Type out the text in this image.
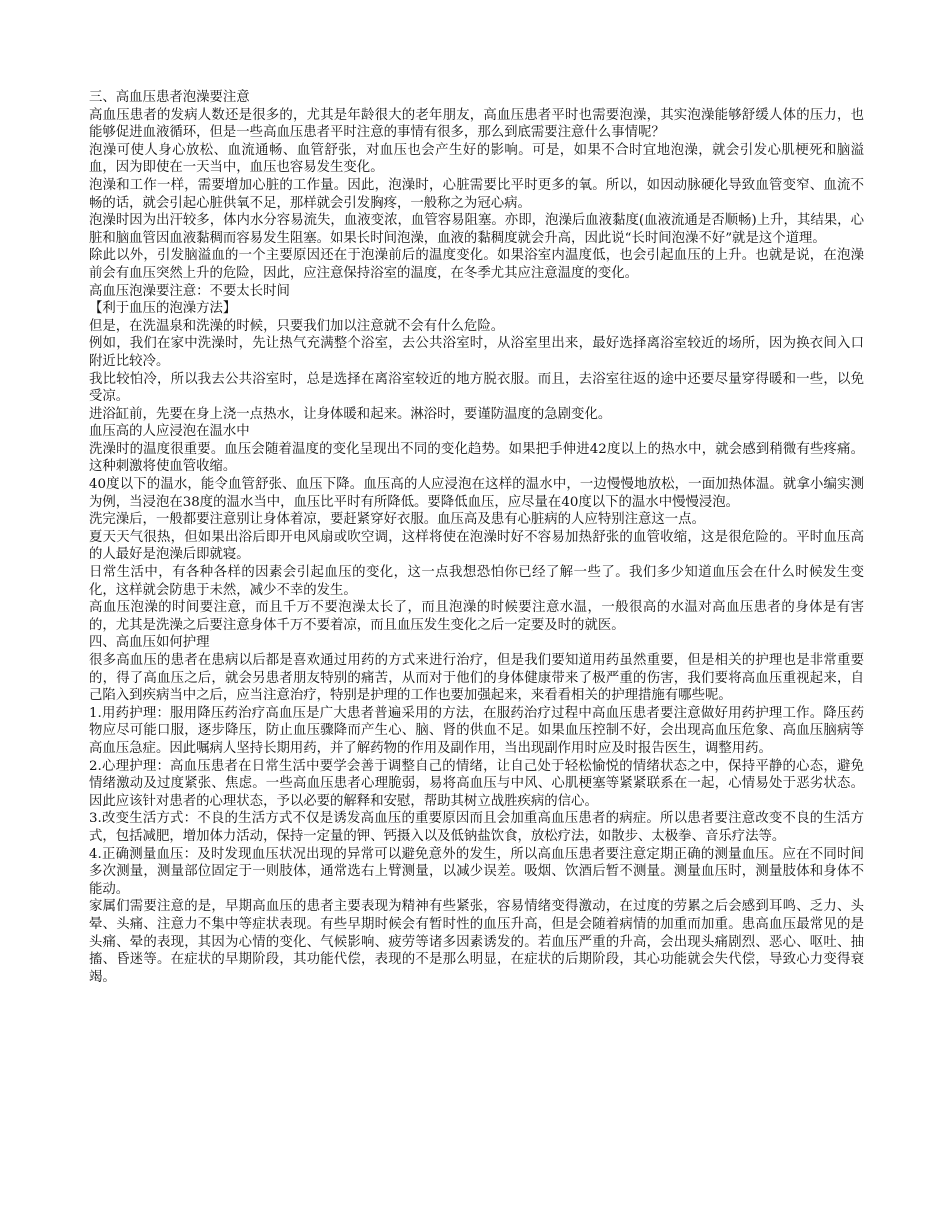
三、高血压患者泡澡要注意

高血压患者的发病人数还是很多的，尤其是年龄很大的老年朋友，高血压患者平时也需要泡澡，其实泡澡能够舒缓人体的压力，也能够促进血液循环，但是一些高血压患者平时注意的事情有很多，那么到底需要注意什么事情呢？

泡澡可使人身心放松、血流通畅、血管舒张，对血压也会产生好的影响。可是，如果不合时宜地泡澡，就会引发心肌梗死和脑溢血，因为即使在一天当中，血压也容易发生变化。

泡澡和工作一样，需要增加心脏的工作量。因此，泡澡时，心脏需要比平时更多的氧。所以，如因动脉硬化导致血管变窄、血流不畅的话，就会引起心脏供氧不足，那样就会引发胸疼，一般称之为冠心病。

泡澡时因为出汗较多，体内水分容易流失，血液变浓，血管容易阻塞。亦即，泡澡后血液黏度(血液流通是否顺畅)上升，其结果，心脏和脑血管因血液黏稠而容易发生阻塞。如果长时间泡澡，血液的黏稠度就会升高，因此说“长时间泡澡不好”就是这个道理。

除此以外，引发脑溢血的一个主要原因还在于泡澡前后的温度变化。如果浴室内温度低，也会引起血压的上升。也就是说，在泡澡前会有血压突然上升的危险，因此，应注意保持浴室的温度，在冬季尤其应注意温度的变化。

高血压泡澡要注意：不要太长时间

【利于血压的泡澡方法】

但是，在洗温泉和洗澡的时候，只要我们加以注意就不会有什么危险。

例如，我们在家中洗澡时，先让热气充满整个浴室，去公共浴室时，从浴室里出来，最好选择离浴室较近的场所，因为换衣间入口附近比较冷。

我比较怕冷，所以我去公共浴室时，总是选择在离浴室较近的地方脱衣服。而且，去浴室往返的途中还要尽量穿得暖和一些，以免受凉。

进浴缸前，先要在身上浇一点热水，让身体暖和起来。淋浴时，要谨防温度的急剧变化。

血压高的人应浸泡在温水中

洗澡时的温度很重要。血压会随着温度的变化呈现出不同的变化趋势。如果把手伸进42度以上的热水中，就会感到稍微有些疼痛。这种刺激将使血管收缩。

40度以下的温水，能令血管舒张、血压下降。血压高的人应浸泡在这样的温水中，一边慢慢地放松，一面加热体温。就拿小编实测为例，当浸泡在38度的温水当中，血压比平时有所降低。要降低血压，应尽量在40度以下的温水中慢慢浸泡。

洗完澡后，一般都要注意别让身体着凉，要赶紧穿好衣服。血压高及患有心脏病的人应特别注意这一点。

夏天天气很热，但如果出浴后即开电风扇或吹空调，这样将使在泡澡时好不容易加热舒张的血管收缩，这是很危险的。平时血压高的人最好是泡澡后即就寝。

日常生活中，有各种各样的因素会引起血压的变化，这一点我想恐怕你已经了解一些了。我们多少知道血压会在什么时候发生变化，这样就会防患于未然，减少不幸的发生。

高血压泡澡的时间要注意，而且千万不要泡澡太长了，而且泡澡的时候要注意水温，一般很高的水温对高血压患者的身体是有害的，尤其是洗澡之后要注意身体千万不要着凉，而且血压发生变化之后一定要及时的就医。

四、高血压如何护理

很多高血压的患者在患病以后都是喜欢通过用药的方式来进行治疗，但是我们要知道用药虽然重要，但是相关的护理也是非常重要的，得了高血压之后，就会另患者朋友特别的痛苦，从而对于他们的身体健康带来了极严重的伤害，我们要将高血压重视起来，自己陷入到疾病当中之后，应当注意治疗，特别是护理的工作也要加强起来，来看看相关的护理措施有哪些呢。

1.用药护理：服用降压药治疗高血压是广大患者普遍采用的方法，在服药治疗过程中高血压患者要注意做好用药护理工作。降压药物应尽可能口服，逐步降压，防止血压骤降而产生心、脑、肾的供血不足。如果血压控制不好，会出现高血压危象、高血压脑病等高血压急症。因此嘱病人坚持长期用药，并了解药物的作用及副作用，当出现副作用时应及时报告医生，调整用药。

2.心理护理：高血压患者在日常生活中要学会善于调整自己的情绪，让自己处于轻松愉悦的情绪状态之中，保持平静的心态，避免情绪激动及过度紧张、焦虑。一些高血压患者心理脆弱，易将高血压与中风、心肌梗塞等紧紧联系在一起，心情易处于恶劣状态。因此应该针对患者的心理状态，予以必要的解释和安慰，帮助其树立战胜疾病的信心。

3.改变生活方式：不良的生活方式不仅是诱发高血压的重要原因而且会加重高血压患者的病症。所以患者要注意改变不良的生活方式，包括减肥，增加体力活动，保持一定量的钾、钙摄入以及低钠盐饮食，放松疗法，如散步、太极拳、音乐疗法等。

4.正确测量血压：及时发现血压状况出现的异常可以避免意外的发生，所以高血压患者要注意定期正确的测量血压。应在不同时间多次测量，测量部位固定于一则肢体，通常选右上臂测量，以减少误差。吸烟、饮酒后暂不测量。测量血压时，测量肢体和身体不能动。

家属们需要注意的是，早期高血压的患者主要表现为精神有些紧张，容易情绪变得激动，在过度的劳累之后会感到耳鸣、乏力、头晕、头痛、注意力不集中等症状表现。有些早期时候会有暂时性的血压升高，但是会随着病情的加重而加重。患高血压最常见的是头痛、晕的表现，其因为心情的变化、气候影响、疲劳等诸多因素诱发的。若血压严重的升高，会出现头痛剧烈、恶心、呕吐、抽搐、昏迷等。在症状的早期阶段，其功能代偿，表现的不是那么明显，在症状的后期阶段，其心功能就会失代偿，导致心力变得衰竭。
